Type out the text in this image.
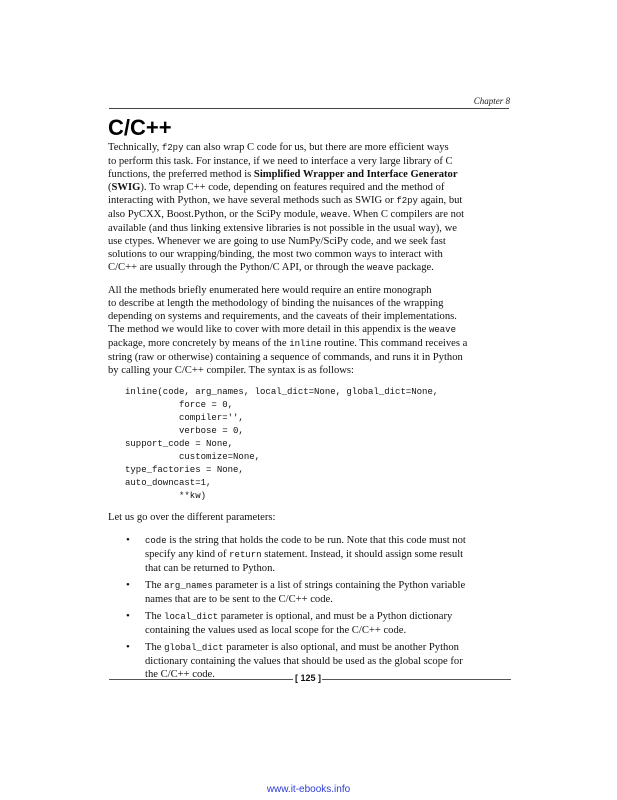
Chapter 8
C/C++

Technically, f2py can also wrap C code for us, but there are more efficient ways
to perform this task. For instance, if we need to interface a very large library of C
functions, the preferred method is Simplified Wrapper and Interface Generator
(SWIG). To wrap C++ code, depending on features required and the method of
interacting with Python, we have several methods such as SWIG or f2py again, but
also PyCXX, Boost.Python, or the SciPy module, weave. When C compilers are not
available (and thus linking extensive libraries is not possible in the usual way), we
use ctypes. Whenever we are going to use NumPy/SciPy code, and we seek fast
solutions to our wrapping/binding, the most two common ways to interact with
C/C++ are usually through the Python/C API, or through the weave package.

All the methods briefly enumerated here would require an entire monograph
to describe at length the methodology of binding the nuisances of the wrapping
depending on systems and requirements, and the caveats of their implementations.
The method we would like to cover with more detail in this appendix is the weave
package, more concretely by means of the inline routine. This command receives a
string (raw or otherwise) containing a sequence of commands, and runs it in Python
by calling your C/C++ compiler. The syntax is as follows:

inline(code, arg_names, local_dict=None, global_dict=None,
force = 0,
compiler='',
verbose = 0,
support_code = None,
customize=None,
type_factories = None,
auto_downcast=1,
**kw)

Let us go over the different parameters:

• code is the string that holds the code to be run. Note that this code must not
specify any kind of return statement. Instead, it should assign some result
that can be returned to Python.
• The arg_names parameter is a list of strings containing the Python variable
names that are to be sent to the C/C++ code.
• The local_dict parameter is optional, and must be a Python dictionary
containing the values used as local scope for the C/C++ code.
• The global_dict parameter is also optional, and must be another Python
dictionary containing the values that should be used as the global scope for
the C/C++ code.	[ 125 ]
www.it-ebooks.info
